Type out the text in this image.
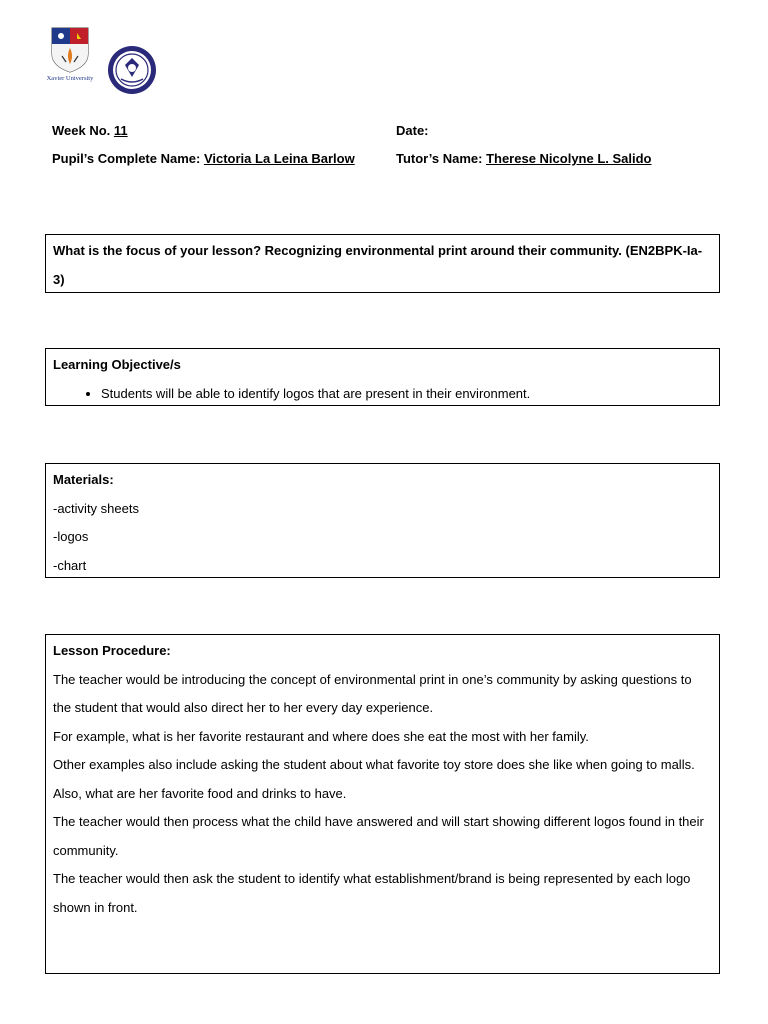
Xavier University
Week No. 11	Date:
Pupil’s Complete Name: Victoria La Leina Barlow	Tutor’s Name: Therese Nicolyne L. Salido

What is the focus of your lesson? Recognizing environmental print around their community. (EN2BPK-Ia-3)

Learning Objective/s

• Students will be able to identify logos that are present in their environment.

Materials:

-activity sheets

-logos

-chart

Lesson Procedure:

The teacher would be introducing the concept of environmental print in one’s community by asking questions to the student that would also direct her to her every day experience.

For example, what is her favorite restaurant and where does she eat the most with her family.

Other examples also include asking the student about what favorite toy store does she like when going to malls.

Also, what are her favorite food and drinks to have.

The teacher would then process what the child have answered and will start showing different logos found in their community.

The teacher would then ask the student to identify what establishment/brand is being represented by each logo shown in front.
